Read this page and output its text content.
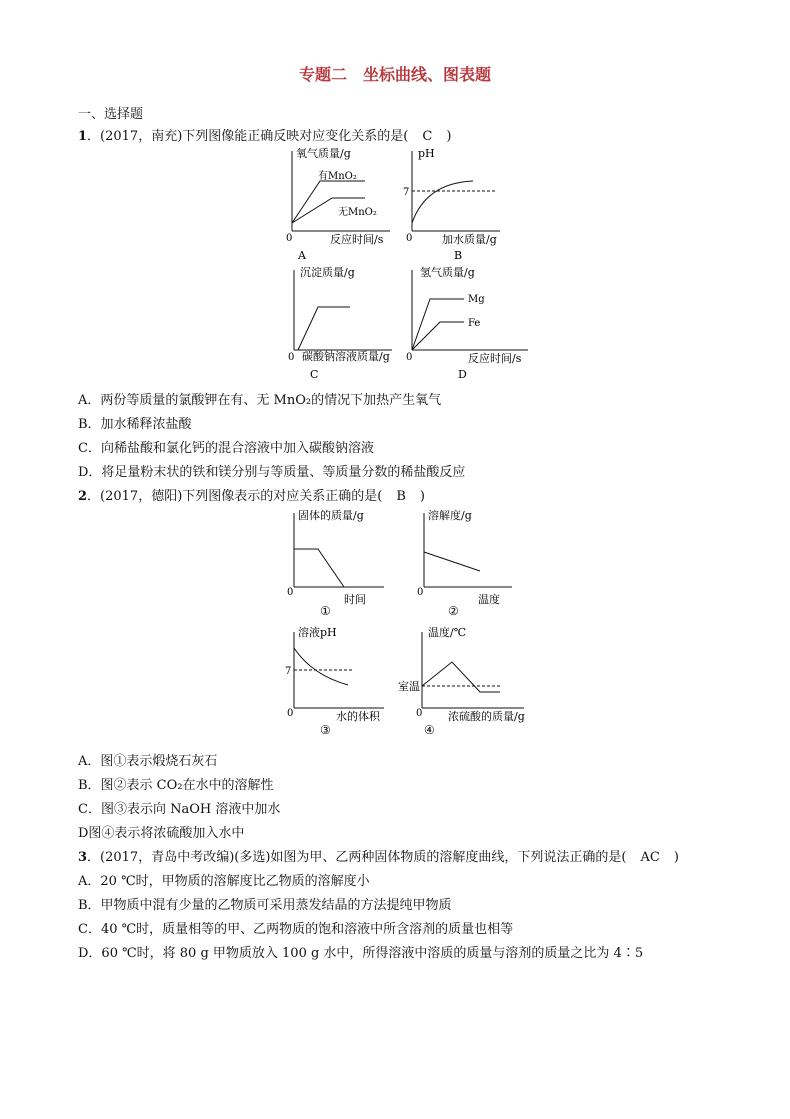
专题二　坐标曲线、图表题
一、选择题
1．(2017，南充)下列图像能正确反映对应变化关系的是( C )
氧气质量/g
有MnO₂
无MnO₂
0	反应时间/s
A
pH
7
0	加水质量/g
B
沉淀质量/g
0 碳酸钠溶液质量/g
C
氢气质量/g
Mg
Fe
0	反应时间/s
D
A．两份等质量的氯酸钾在有、无 MnO₂的情况下加热产生氧气
B．加水稀释浓盐酸
C．向稀盐酸和氯化钙的混合溶液中加入碳酸钠溶液
D．将足量粉末状的铁和镁分别与等质量、等质量分数的稀盐酸反应
2．(2017，德阳)下列图像表示的对应关系正确的是( B )
固体的质量/g
0
时间
①
溶解度/g
0
温度
②
溶液pH
7
0	水的体积
③
温度/℃
室温
0 浓硫酸的质量/g
④
A．图①表示煅烧石灰石
B．图②表示 CO₂在水中的溶解性
C．图③表示向 NaOH 溶液中加水
D图④表示将浓硫酸加入水中
3．(2017，青岛中考改编)(多选)如图为甲、乙两种固体物质的溶解度曲线，下列说法正确的是( AC )
A．20 ℃时，甲物质的溶解度比乙物质的溶解度小
B．甲物质中混有少量的乙物质可采用蒸发结晶的方法提纯甲物质
C．40 ℃时，质量相等的甲、乙两物质的饱和溶液中所含溶剂的质量也相等
D．60 ℃时，将 80 g 甲物质放入 100 g 水中，所得溶液中溶质的质量与溶剂的质量之比为 4∶5
